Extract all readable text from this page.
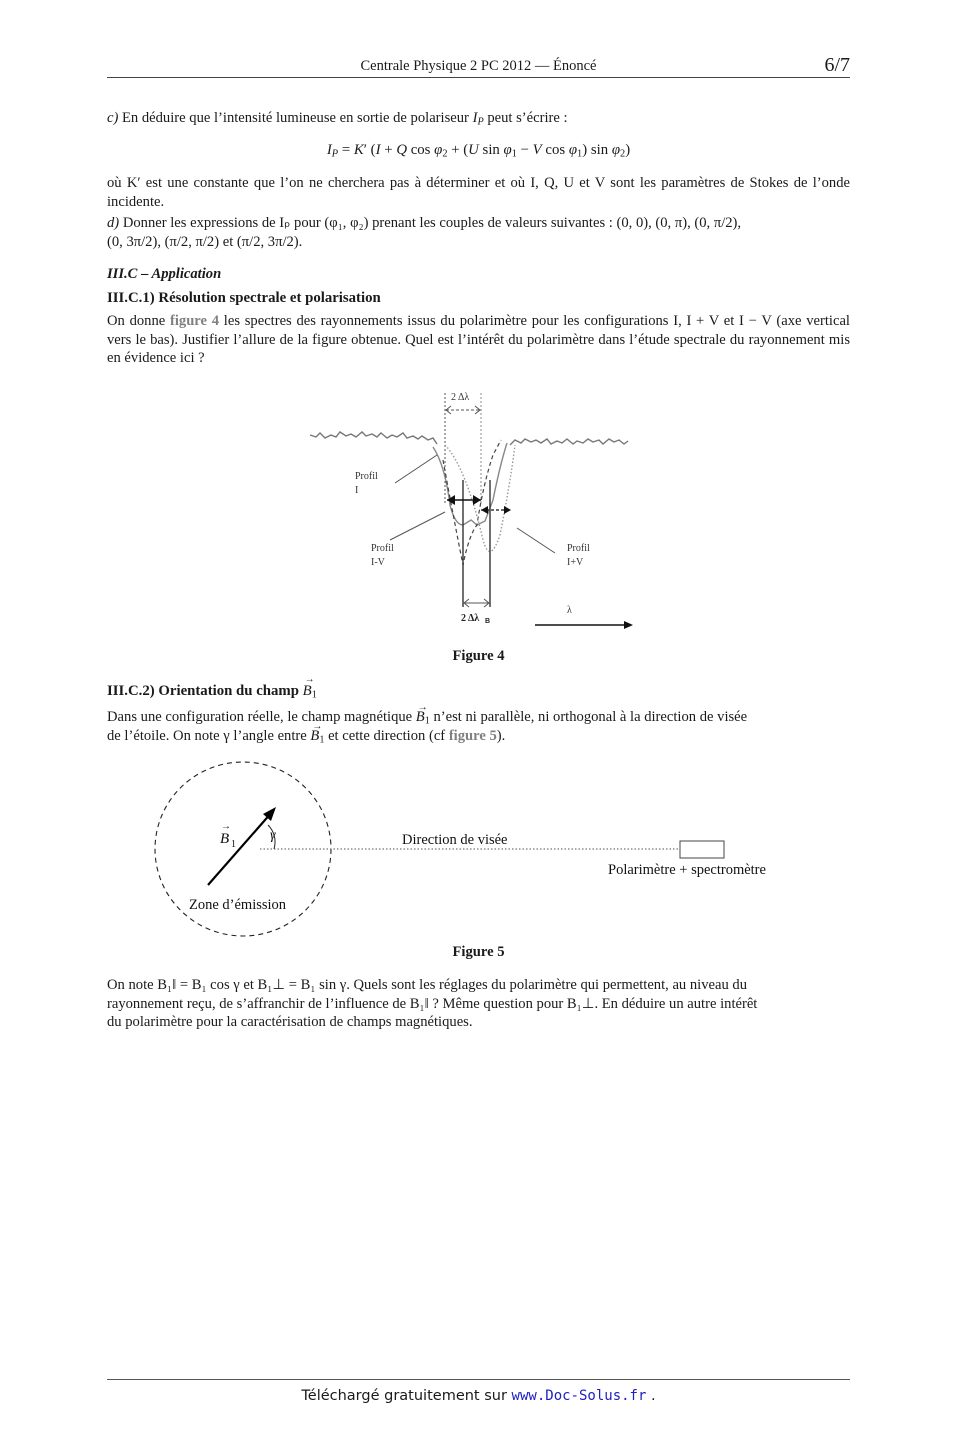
Centrale Physique 2 PC 2012 — Énoncé	6/7
c) En déduire que l’intensité lumineuse en sortie de polariseur $I_P$ peut s’écrire :
$I_P = K'$ (I + Q $\cos \varphi_2 + (U$ $\sin \varphi_1 - V$ $\cos \varphi_1$) $\sin \varphi_2$)
où K′ est une constante que l’on ne cherchera pas à déterminer et où I, Q, U et V sont les paramètres de Stokes de l’onde incidente.
d) Donner les expressions de Iₚ pour (φ₁, φ₂) prenant les couples de valeurs suivantes : (0, 0), (0, π), (0, π/2),
(0, 3π/2), (π/2, π/2) et (π/2, 3π/2).
III.C – Application
III.C.1) Résolution spectrale et polarisation
On donne figure 4 les spectres des rayonnements issus du polarimètre pour les configurations I, I + V et I − V (axe vertical vers le bas). Justifier l’allure de la figure obtenue. Quel est l’intérêt du polarimètre dans l’étude spectrale du rayonnement mis en évidence ici ?
2 Δλ
Profil
I
Profil
I-V
Profil
I+V
2 Δλ B
λ
Figure 4
III.C.2) Orientation du champ → $B_1$
Dans une configuration réelle, le champ magnétique → $B_1$ n’est ni parallèle, ni orthogonal à la direction de visée
de l’étoile. On note γ l’angle entre → $B_1$ et cette direction (cf figure 5).
B
→
1
γ	Direction de visée
Polarimètre + spectromètre
Zone d’émission
Figure 5
On note B₁‖ = B₁ cos γ et B₁⊥ = B₁ sin γ. Quels sont les réglages du polarimètre qui permettent, au niveau du
rayonnement reçu, de s’affranchir de l’influence de B₁‖ ? Même question pour B₁⊥. En déduire un autre intérêt
du polarimètre pour la caractérisation de champs magnétiques.
Téléchargé gratuitement sur www.Doc-Solus.fr .
